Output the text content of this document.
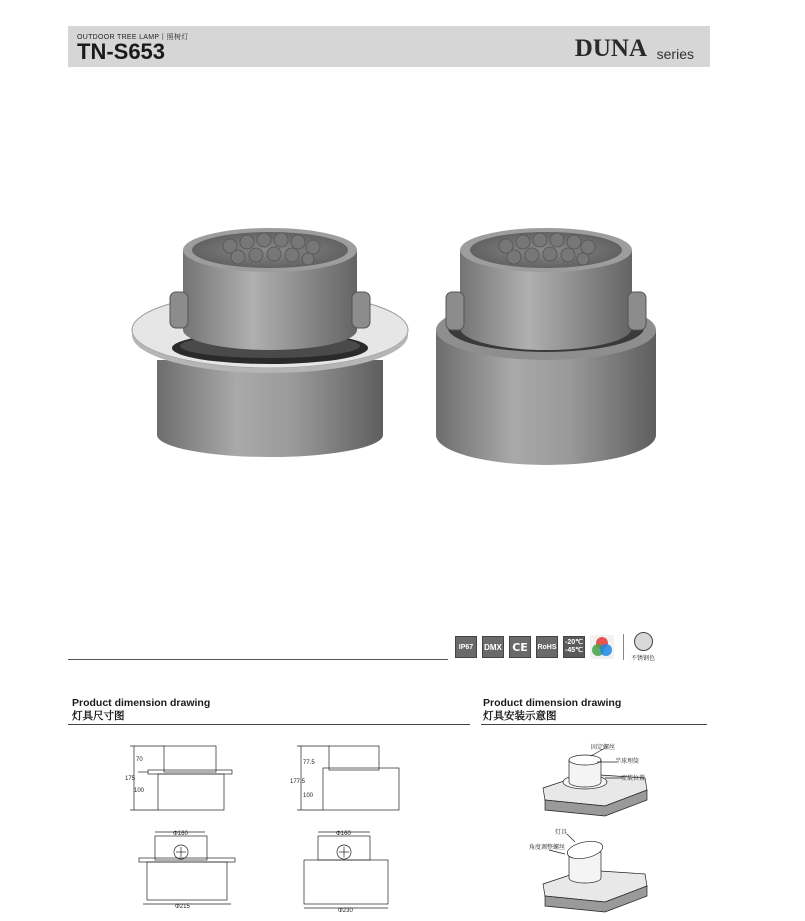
OUTDOOR TREE LAMP丨照树灯
TN-S653	DUNA series
IP67 DMX CE	RoHS
-20℃
-45℃
不锈钢色
Product dimension drawing
灯具尺寸图
Product dimension drawing
灯具安装示意图
70
175
100
77.5
177.5
100
Φ160
Φ215
Φ160
Φ230
固定螺丝
半球埋筒
安装位置
灯具
角度调整螺丝
